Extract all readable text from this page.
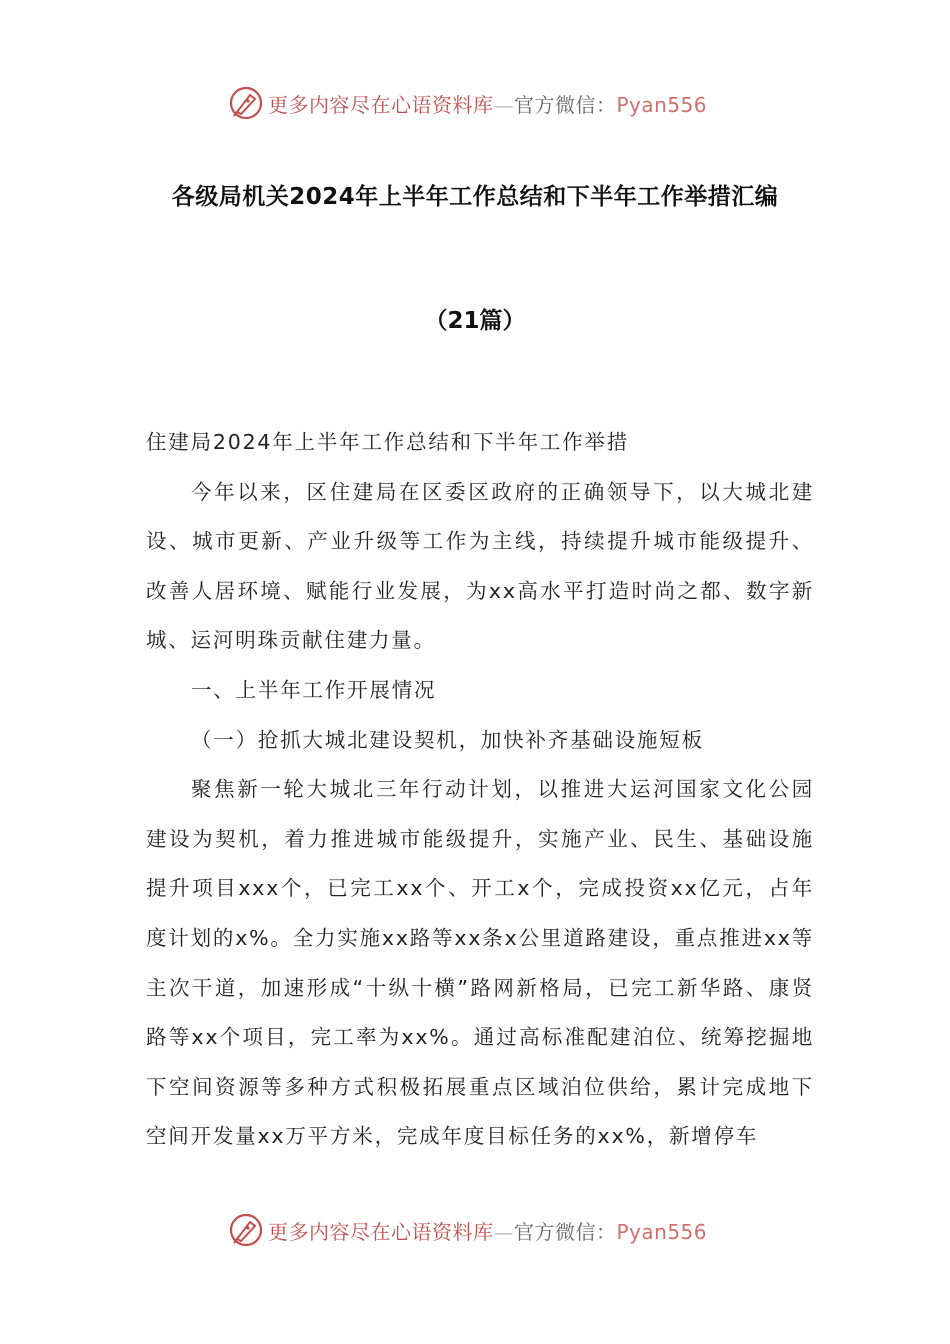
更多内容尽在心语资料库—官方微信：Pyan556
各级局机关2024年上半年工作总结和下半年工作举措汇编
（21篇）

住建局2024年上半年工作总结和下半年工作举措

今年以来，区住建局在区委区政府的正确领导下，以大城北建设、城市更新、产业升级等工作为主线，持续提升城市能级提升、改善人居环境、赋能行业发展，为xx高水平打造时尚之都、数字新城、运河明珠贡献住建力量。

一、上半年工作开展情况

（一）抢抓大城北建设契机，加快补齐基础设施短板

聚焦新一轮大城北三年行动计划，以推进大运河国家文化公园建设为契机，着力推进城市能级提升，实施产业、民生、基础设施提升项目xxx个，已完工xx个、开工x个，完成投资xx亿元，占年度计划的x%。全力实施xx路等xx条x公里道路建设，重点推进xx等主次干道，加速形成“十纵十横”路网新格局，已完工新华路、康贤路等xx个项目，完工率为xx%。通过高标准配建泊位、统筹挖掘地下空间资源等多种方式积极拓展重点区域泊位供给，累计完成地下空间开发量xx万平方米，完成年度目标任务的xx%，新增停车

更多内容尽在心语资料库—官方微信：Pyan556
